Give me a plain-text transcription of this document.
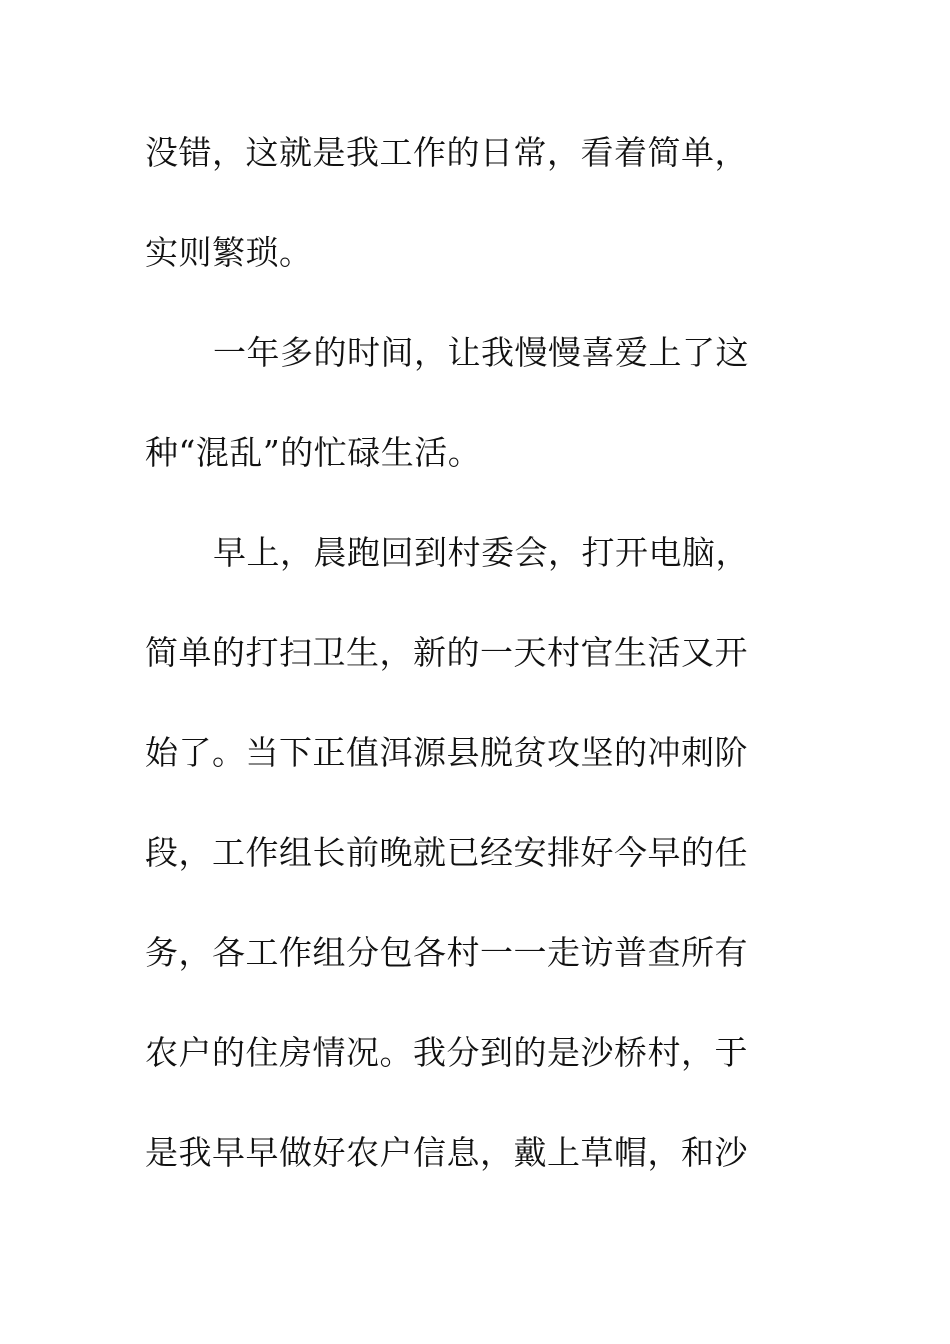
没错，这就是我工作的日常，看着简单，
实则繁琐。
一年多的时间，让我慢慢喜爱上了这
种“混乱”的忙碌生活。
早上，晨跑回到村委会，打开电脑，
简单的打扫卫生，新的一天村官生活又开
始了。当下正值洱源县脱贫攻坚的冲刺阶
段，工作组长前晚就已经安排好今早的任
务，各工作组分包各村一一走访普查所有
农户的住房情况。我分到的是沙桥村，于
是我早早做好农户信息，戴上草帽，和沙
